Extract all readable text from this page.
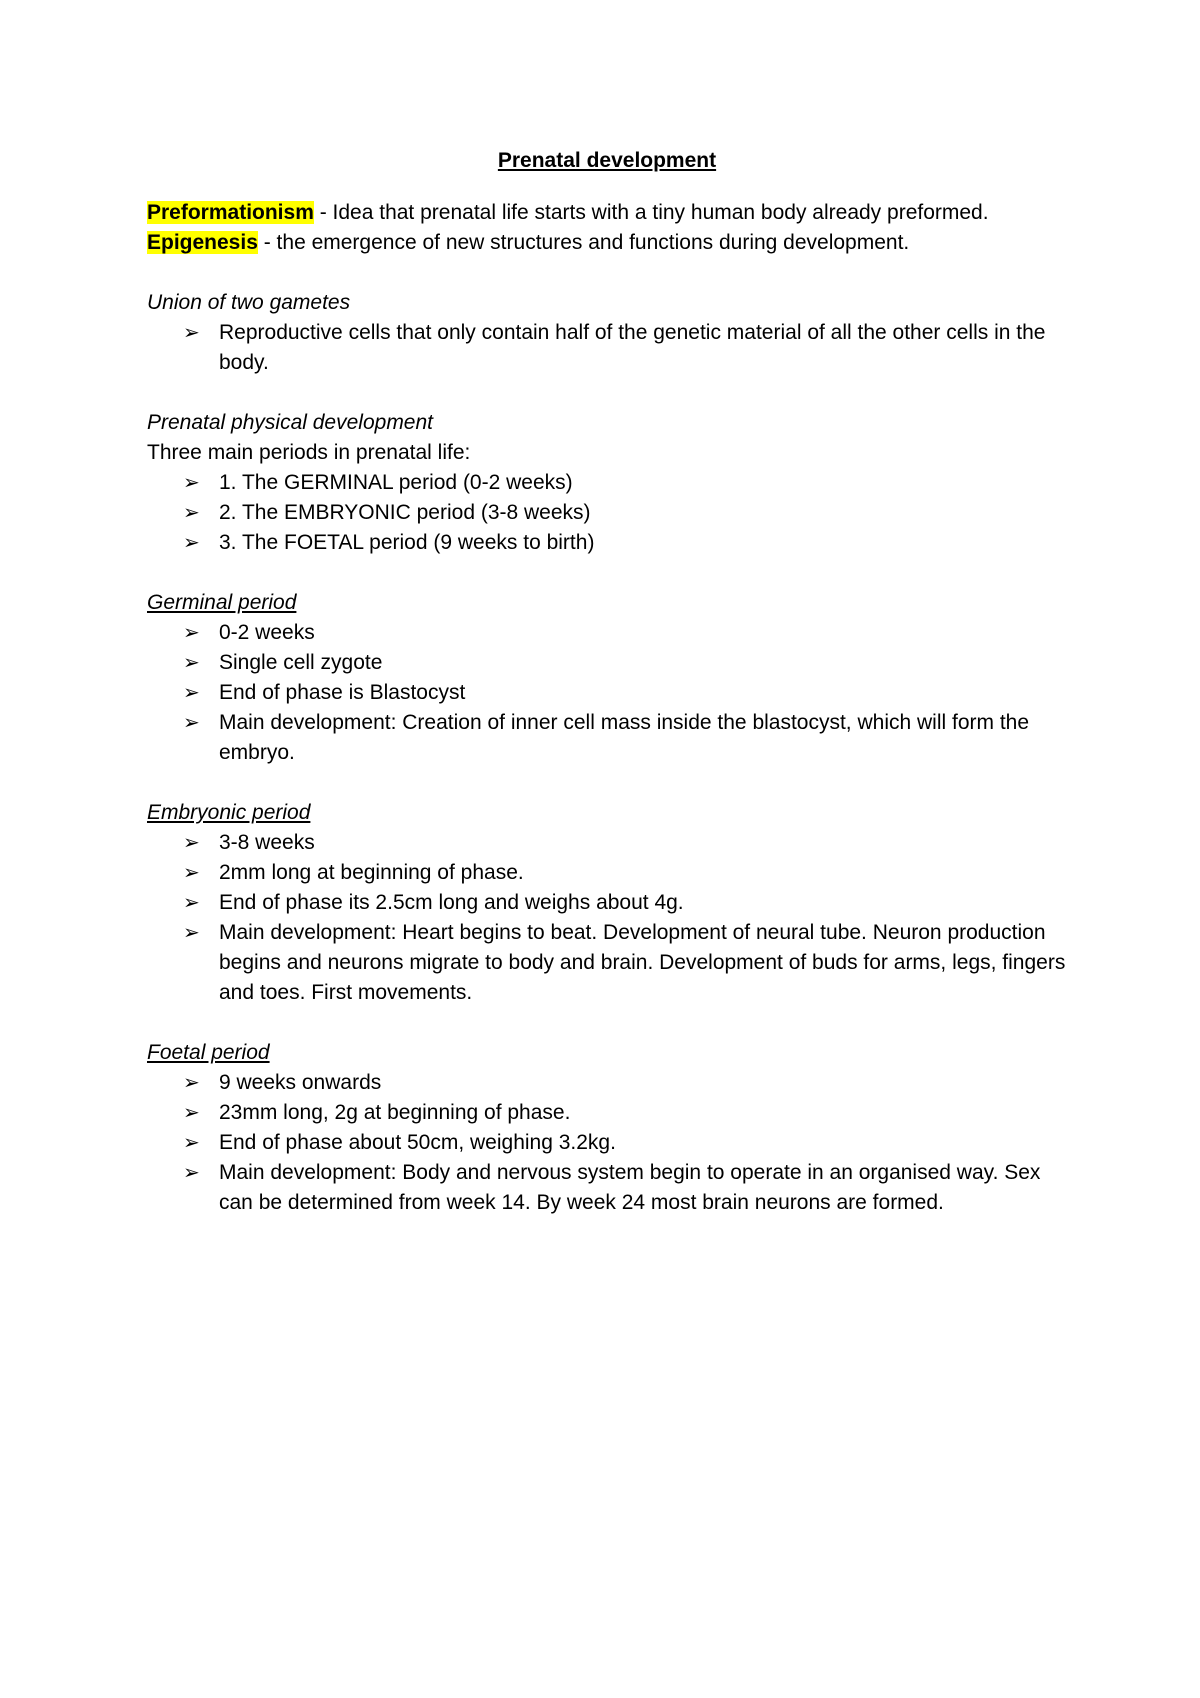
Prenatal development

Preformationism - Idea that prenatal life starts with a tiny human body already preformed.

Epigenesis - the emergence of new structures and functions during development.

Union of two gametes

➢ Reproductive cells that only contain half of the genetic material of all the other cells in the body.

Prenatal physical development

Three main periods in prenatal life:

➢ 1. The GERMINAL period (0-2 weeks)
➢ 2. The EMBRYONIC period (3-8 weeks)
➢ 3. The FOETAL period (9 weeks to birth)

Germinal period

➢ 0-2 weeks
➢ Single cell zygote
➢ End of phase is Blastocyst
➢ Main development: Creation of inner cell mass inside the blastocyst, which will form the embryo.

Embryonic period

➢ 3-8 weeks
➢ 2mm long at beginning of phase.
➢ End of phase its 2.5cm long and weighs about 4g.
➢ Main development: Heart begins to beat. Development of neural tube. Neuron production begins and neurons migrate to body and brain. Development of buds for arms, legs, fingers and toes. First movements.

Foetal period

➢ 9 weeks onwards
➢ 23mm long, 2g at beginning of phase.
➢ End of phase about 50cm, weighing 3.2kg.
➢ Main development: Body and nervous system begin to operate in an organised way. Sex can be determined from week 14. By week 24 most brain neurons are formed.
